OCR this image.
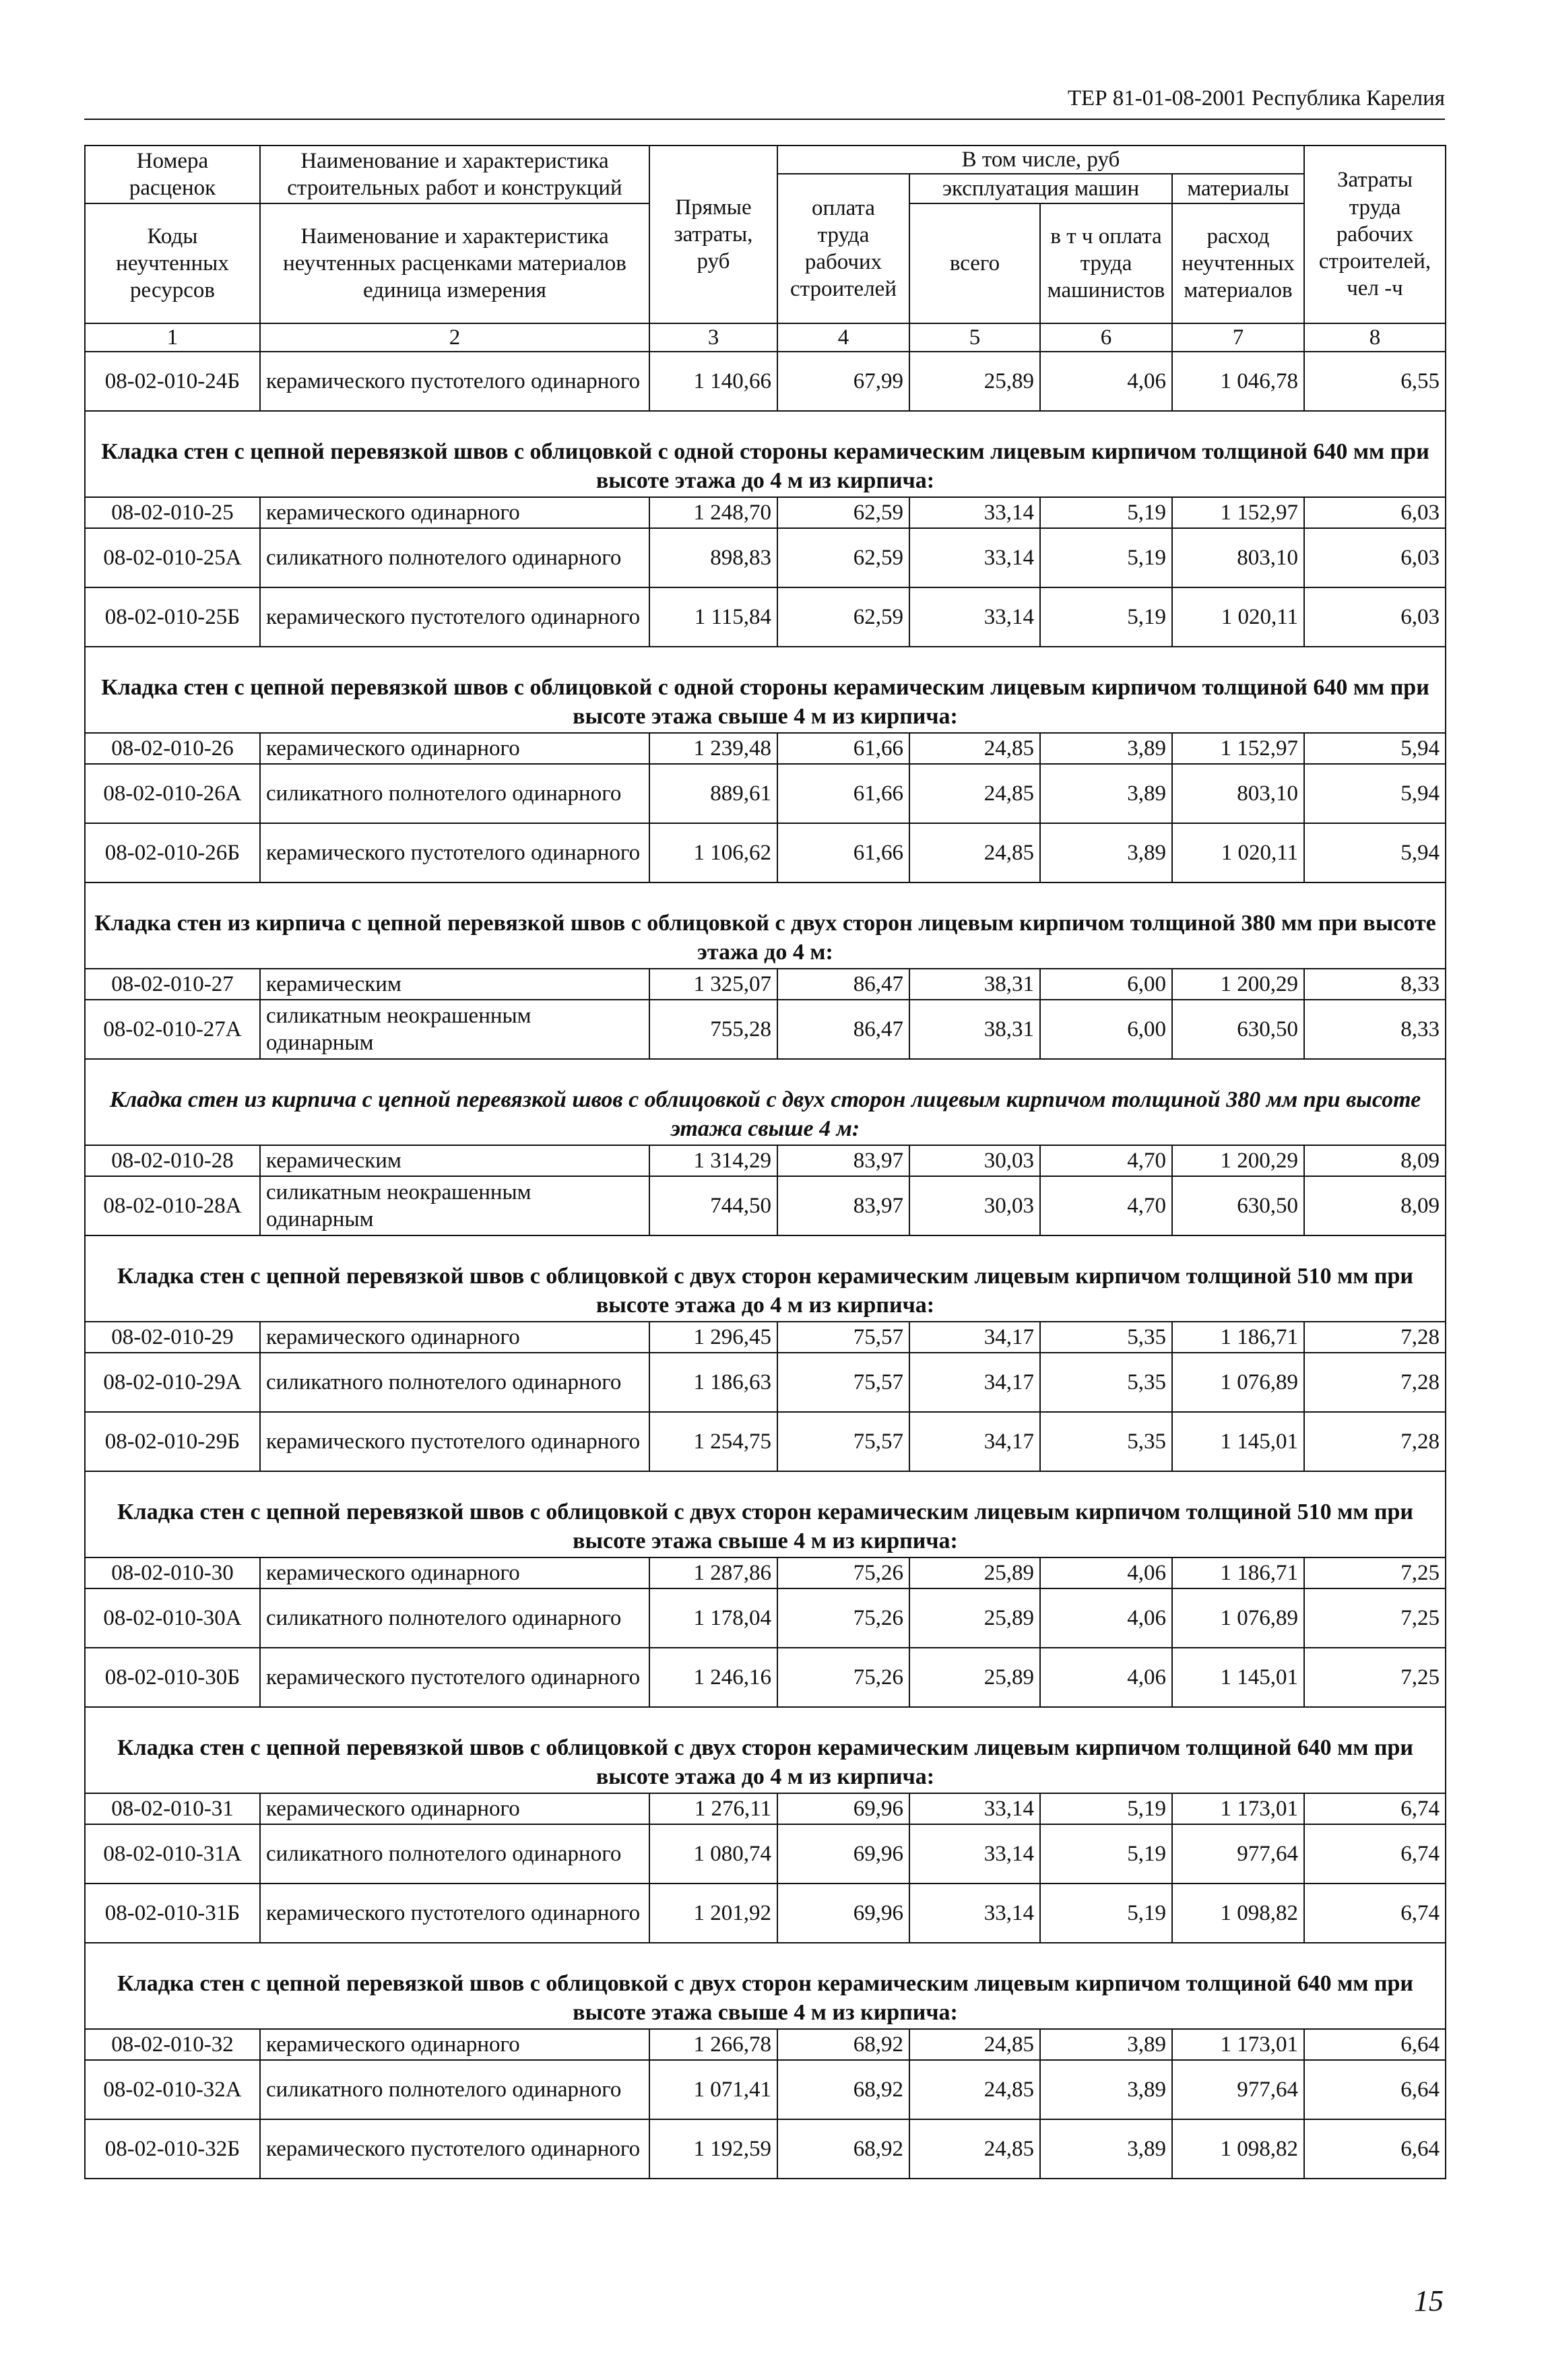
ТЕР 81-01-08-2001 Республика Карелия
Номера расценок	Наименование и характеристика строительных работ и конструкций	Прямые затраты, руб	В том числе, руб				Затраты труда рабочих строителей, чел -ч
			оплата труда рабочих строителей	эксплуатация машин		материалы	
Коды неучтенных ресурсов	Наименование и характеристика неучтенных расценками материалов единица измерения			всего	в т ч оплата труда машинистов	расход неучтенных материалов	

1	2	3	4	5	6	7	8
08-02-010-24Б	керамического пустотелого одинарного	1 140,66	67,99	25,89	4,06	1 046,78	6,55
Кладка стен с цепной перевязкой швов с облицовкой с одной стороны керамическим лицевым кирпичом толщиной 640 мм при высоте этажа до 4 м из кирпича:							
08-02-010-25	керамического одинарного	1 248,70	62,59	33,14	5,19	1 152,97	6,03
08-02-010-25А	силикатного полнотелого одинарного	898,83	62,59	33,14	5,19	803,10	6,03
08-02-010-25Б	керамического пустотелого одинарного	1 115,84	62,59	33,14	5,19	1 020,11	6,03
Кладка стен с цепной перевязкой швов с облицовкой с одной стороны керамическим лицевым кирпичом толщиной 640 мм при высоте этажа свыше 4 м из кирпича:							
08-02-010-26	керамического одинарного	1 239,48	61,66	24,85	3,89	1 152,97	5,94
08-02-010-26А	силикатного полнотелого одинарного	889,61	61,66	24,85	3,89	803,10	5,94
08-02-010-26Б	керамического пустотелого одинарного	1 106,62	61,66	24,85	3,89	1 020,11	5,94
Кладка стен из кирпича с цепной перевязкой швов с облицовкой с двух сторон лицевым кирпичом толщиной 380 мм при высоте этажа до 4 м:							
08-02-010-27	керамическим	1 325,07	86,47	38,31	6,00	1 200,29	8,33
08-02-010-27А	силикатным неокрашенным одинарным	755,28	86,47	38,31	6,00	630,50	8,33
Кладка стен из кирпича с цепной перевязкой швов с облицовкой с двух сторон лицевым кирпичом толщиной 380 мм при высоте этажа свыше 4 м:							
08-02-010-28	керамическим	1 314,29	83,97	30,03	4,70	1 200,29	8,09
08-02-010-28А	силикатным неокрашенным одинарным	744,50	83,97	30,03	4,70	630,50	8,09
Кладка стен с цепной перевязкой швов с облицовкой с двух сторон керамическим лицевым кирпичом толщиной 510 мм при высоте этажа до 4 м из кирпича:							
08-02-010-29	керамического одинарного	1 296,45	75,57	34,17	5,35	1 186,71	7,28
08-02-010-29А	силикатного полнотелого одинарного	1 186,63	75,57	34,17	5,35	1 076,89	7,28
08-02-010-29Б	керамического пустотелого одинарного	1 254,75	75,57	34,17	5,35	1 145,01	7,28
Кладка стен с цепной перевязкой швов с облицовкой с двух сторон керамическим лицевым кирпичом толщиной 510 мм при высоте этажа свыше 4 м из кирпича:							
08-02-010-30	керамического одинарного	1 287,86	75,26	25,89	4,06	1 186,71	7,25
08-02-010-30А	силикатного полнотелого одинарного	1 178,04	75,26	25,89	4,06	1 076,89	7,25
08-02-010-30Б	керамического пустотелого одинарного	1 246,16	75,26	25,89	4,06	1 145,01	7,25
Кладка стен с цепной перевязкой швов с облицовкой с двух сторон керамическим лицевым кирпичом толщиной 640 мм при высоте этажа до 4 м из кирпича:							
08-02-010-31	керамического одинарного	1 276,11	69,96	33,14	5,19	1 173,01	6,74
08-02-010-31А	силикатного полнотелого одинарного	1 080,74	69,96	33,14	5,19	977,64	6,74
08-02-010-31Б	керамического пустотелого одинарного	1 201,92	69,96	33,14	5,19	1 098,82	6,74
Кладка стен с цепной перевязкой швов с облицовкой с двух сторон керамическим лицевым кирпичом толщиной 640 мм при высоте этажа свыше 4 м из кирпича:							
08-02-010-32	керамического одинарного	1 266,78	68,92	24,85	3,89	1 173,01	6,64
08-02-010-32А	силикатного полнотелого одинарного	1 071,41	68,92	24,85	3,89	977,64	6,64
08-02-010-32Б	керамического пустотелого одинарного	1 192,59	68,92	24,85	3,89	1 098,82	6,64
15
